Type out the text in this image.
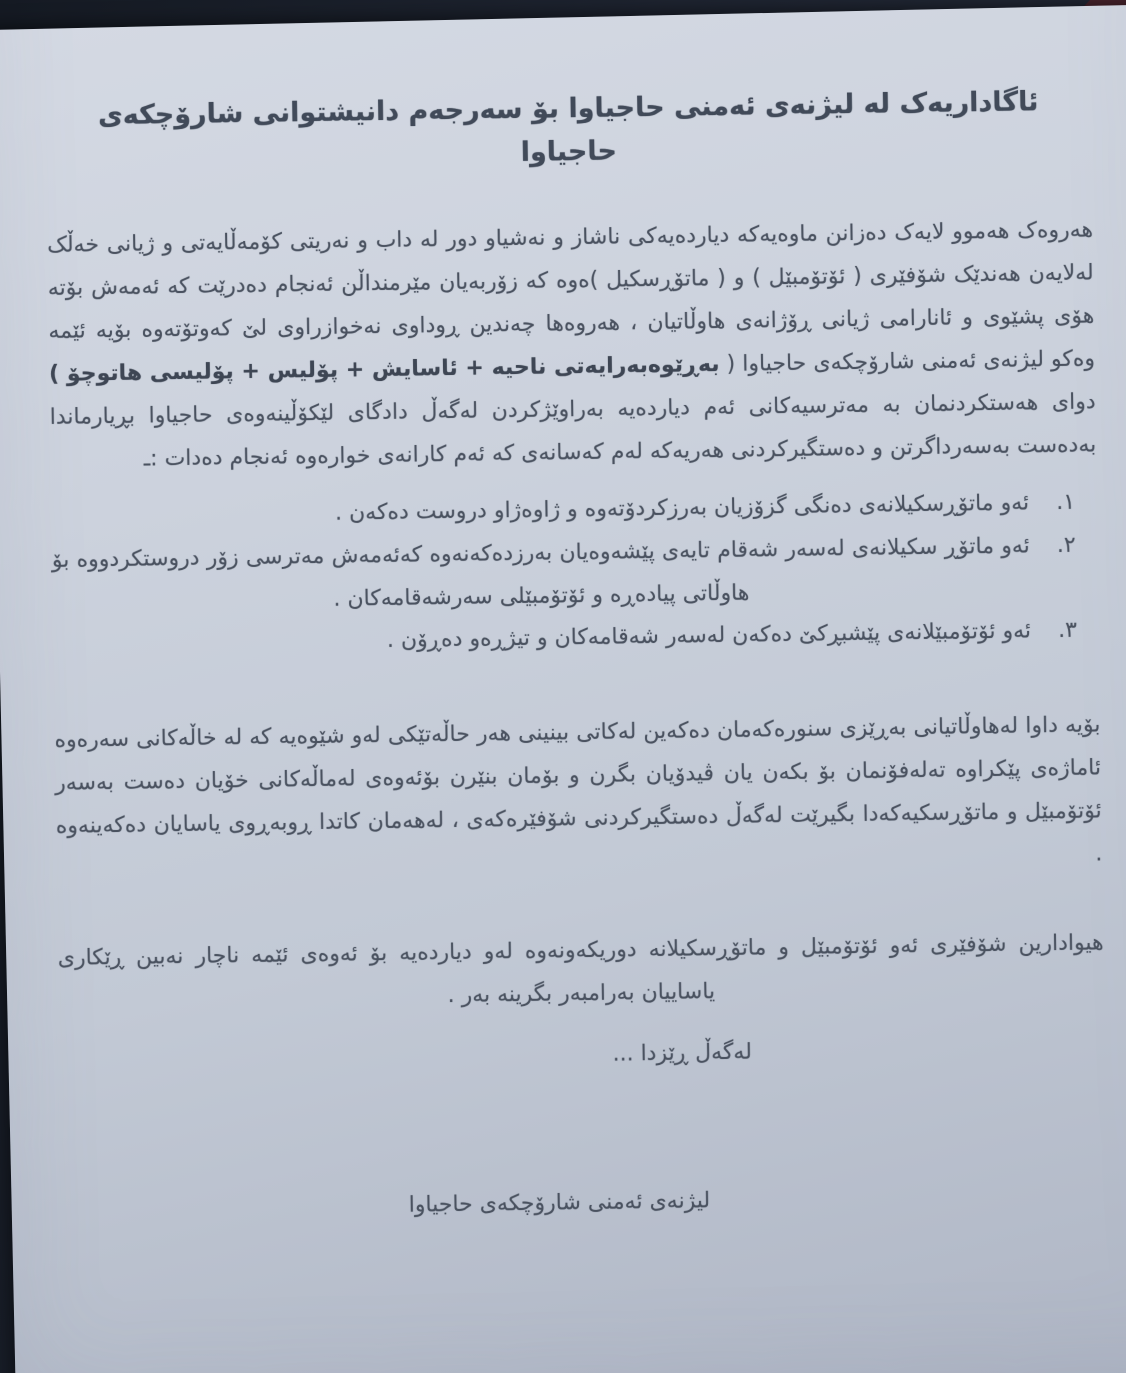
ئاگاداریەک لە لیژنەی ئەمنی حاجیاوا بۆ سەرجەم دانیشتوانی شارۆچکەی حاجیاوا
هەروەک هەموو لایەک دەزانن ماوەیەکە دیاردەیەکی ناشاز و نەشیاو دور لە داب و نەریتی کۆمەڵایەتی و ژیانی خەڵک لەلایەن هەندێک شۆفێری ( ئۆتۆمبێل ) و ( ماتۆڕسکیل )ەوە کە زۆربەیان مێرمنداڵن ئەنجام دەدرێت کە ئەمەش بۆتە هۆی پشێوی و ئانارامی ژیانی ڕۆژانەی هاوڵاتیان ، هەروەها چەندین ڕوداوی نەخوازراوی لێ کەوتۆتەوە بۆیە ئێمە وەکو لیژنەی ئەمنی شارۆچکەی حاجیاوا ( بەڕێوەبەرایەتی ناحیە + ئاسایش + پۆلیس + پۆلیسی هاتوچۆ ) دوای هەستکردنمان بە مەترسیەکانی ئەم دیاردەیە بەراوێژکردن لەگەڵ دادگای لێکۆڵینەوەی حاجیاوا بڕیارماندا بەدەست بەسەرداگرتن و دەستگیرکردنی هەریەکە لەم کەسانەی کە ئەم کارانەی خوارەوە ئەنجام دەدات :ـ
١.
ئەو ماتۆڕسکیلانەی دەنگی گزۆزیان بەرزکردۆتەوە و ژاوەژاو دروست دەکەن .
٢.
ئەو ماتۆڕ سکیلانەی لەسەر شەقام تایەی پێشەوەیان بەرزدەکەنەوە کەئەمەش مەترسی زۆر دروستکردووە بۆ هاوڵاتی پیادەڕە و ئۆتۆمبێلی سەرشەقامەکان .
٣.
ئەو ئۆتۆمبێلانەی پێشبڕکێ دەکەن لەسەر شەقامەکان و تیژڕەو دەڕۆن .
بۆیە داوا لەهاوڵاتیانی بەڕێزی سنورەکەمان دەکەین لەکاتی بینینی هەر حاڵەتێکی لەو شێوەیە کە لە خاڵەکانی سەرەوە ئاماژەی پێکراوە تەلەفۆنمان بۆ بکەن یان ڤیدۆیان بگرن و بۆمان بنێرن بۆئەوەی لەماڵەکانی خۆیان دەست بەسەر ئۆتۆمبێل و ماتۆڕسکیەکەدا بگیرێت لەگەڵ دەستگیرکردنی شۆفێرەکەی ، لەهەمان کاتدا ڕوبەڕوی یاسایان دەکەینەوە .
هیوادارین شۆفێری ئەو ئۆتۆمبێل و ماتۆڕسکیلانە دوریکەونەوە لەو دیاردەیە بۆ ئەوەی ئێمە ناچار نەبین ڕێکاری یاساییان بەرامبەر بگرینە بەر .
لەگەڵ ڕێزدا ...
لیژنەی ئەمنی شارۆچکەی حاجیاوا
